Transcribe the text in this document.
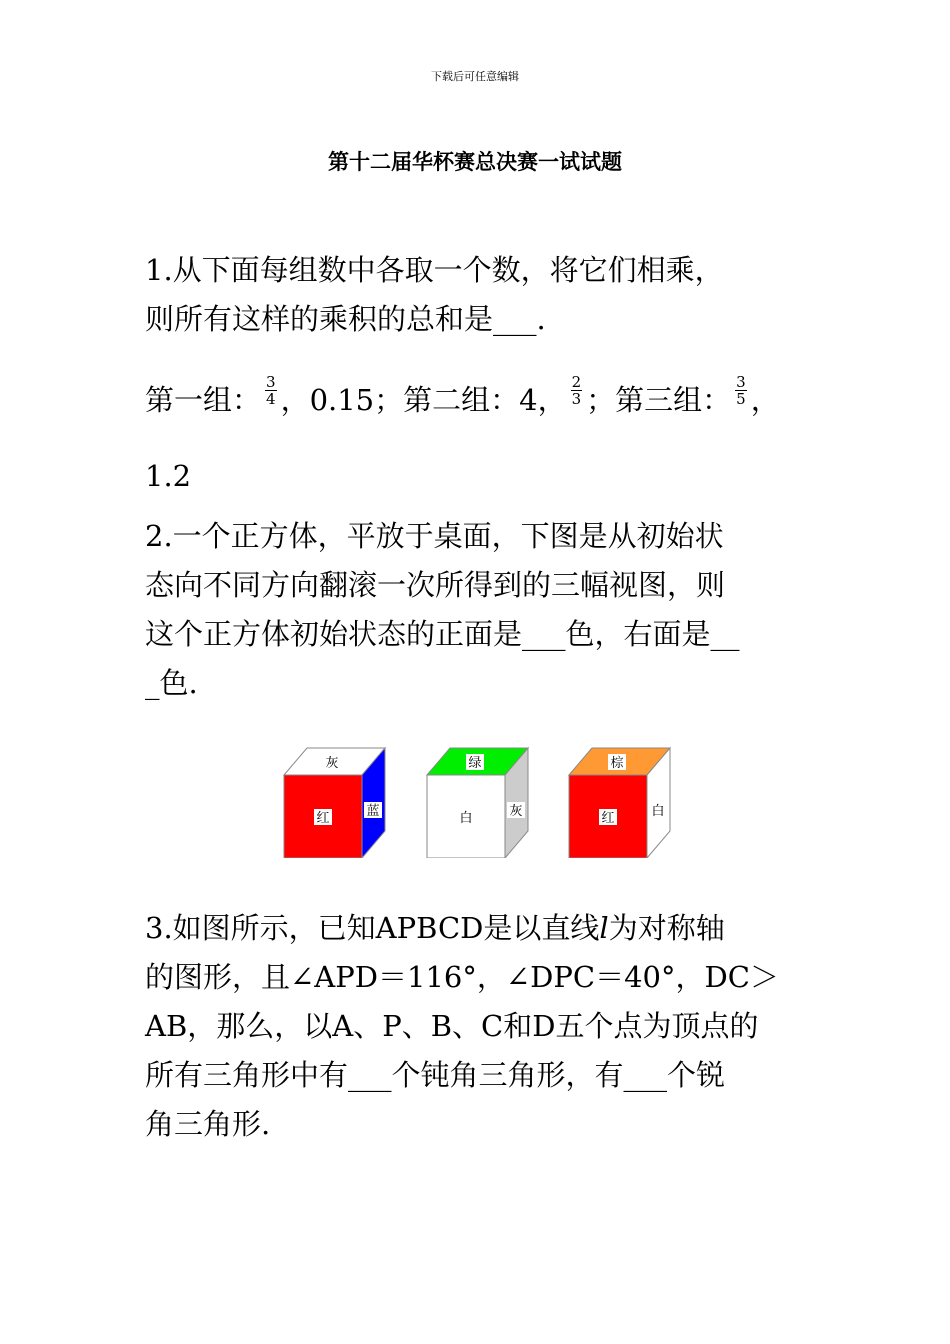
下载后可任意编辑
第十二届华杯赛总决赛一试试题
1.从下面每组数中各取一个数，将它们相乘，
则所有这样的乘积的总和是___.
第一组： $\frac{3}{4}$ ，0.15；第二组：4， $\frac{2}{3}$ ；第三组： $\frac{3}{5}$ ，
1.2
2.一个正方体，平放于桌面，下图是从初始状
态向不同方向翻滚一次所得到的三幅视图，则
这个正方体初始状态的正面是___色，右面是__
_色.
灰
红	蓝
绿
白	灰
棕
红	白
3.如图所示，已知APBCD是以直线l为对称轴
的图形，且∠APD＝116°，∠DPC＝40°，DC＞
AB，那么，以A、P、B、C和D五个点为顶点的
所有三角形中有___个钝角三角形，有___个锐
角三角形.
